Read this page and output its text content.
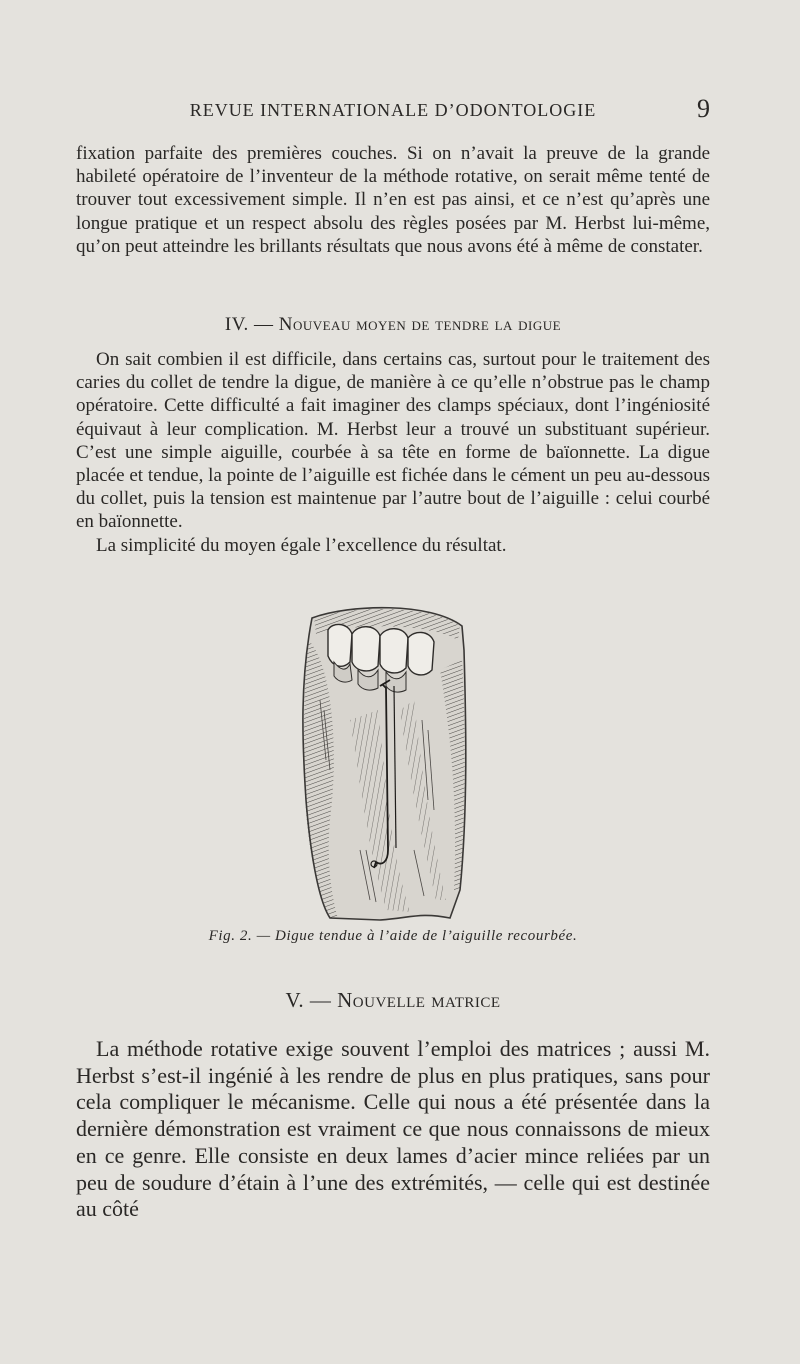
REVUE INTERNATIONALE D’ODONTOLOGIE	9

fixation parfaite des premières couches. Si on n’avait la preuve de la grande habileté opératoire de l’inventeur de la méthode rotative, on serait même tenté de trouver tout excessivement simple. Il n’en est pas ainsi, et ce n’est qu’après une longue pratique et un respect absolu des règles posées par M. Herbst lui-même, qu’on peut atteindre les brillants résultats que nous avons été à même de constater.

IV. — Nouveau moyen de tendre la digue

On sait combien il est difficile, dans certains cas, surtout pour le traitement des caries du collet de tendre la digue, de manière à ce qu’elle n’obstrue pas le champ opératoire. Cette difficulté a fait imaginer des clamps spéciaux, dont l’ingéniosité équivaut à leur complication. M. Herbst leur a trouvé un substituant supérieur. C’est une simple aiguille, courbée à sa tête en forme de baïonnette. La digue placée et tendue, la pointe de l’aiguille est fichée dans le cément un peu au-dessous du collet, puis la tension est maintenue par l’autre bout de l’aiguille : celui courbé en baïonnette.

La simplicité du moyen égale l’excellence du résultat.

Fig. 2. — Digue tendue à l’aide de l’aiguille recourbée.
V. — Nouvelle matrice

La méthode rotative exige souvent l’emploi des matrices ; aussi M. Herbst s’est-il ingénié à les rendre de plus en plus pratiques, sans pour cela compliquer le mécanisme. Celle qui nous a été présentée dans la dernière démonstration est vraiment ce que nous connaissons de mieux en ce genre. Elle consiste en deux lames d’acier mince reliées par un peu de soudure d’étain à l’une des extrémités, — celle qui est destinée au côté
